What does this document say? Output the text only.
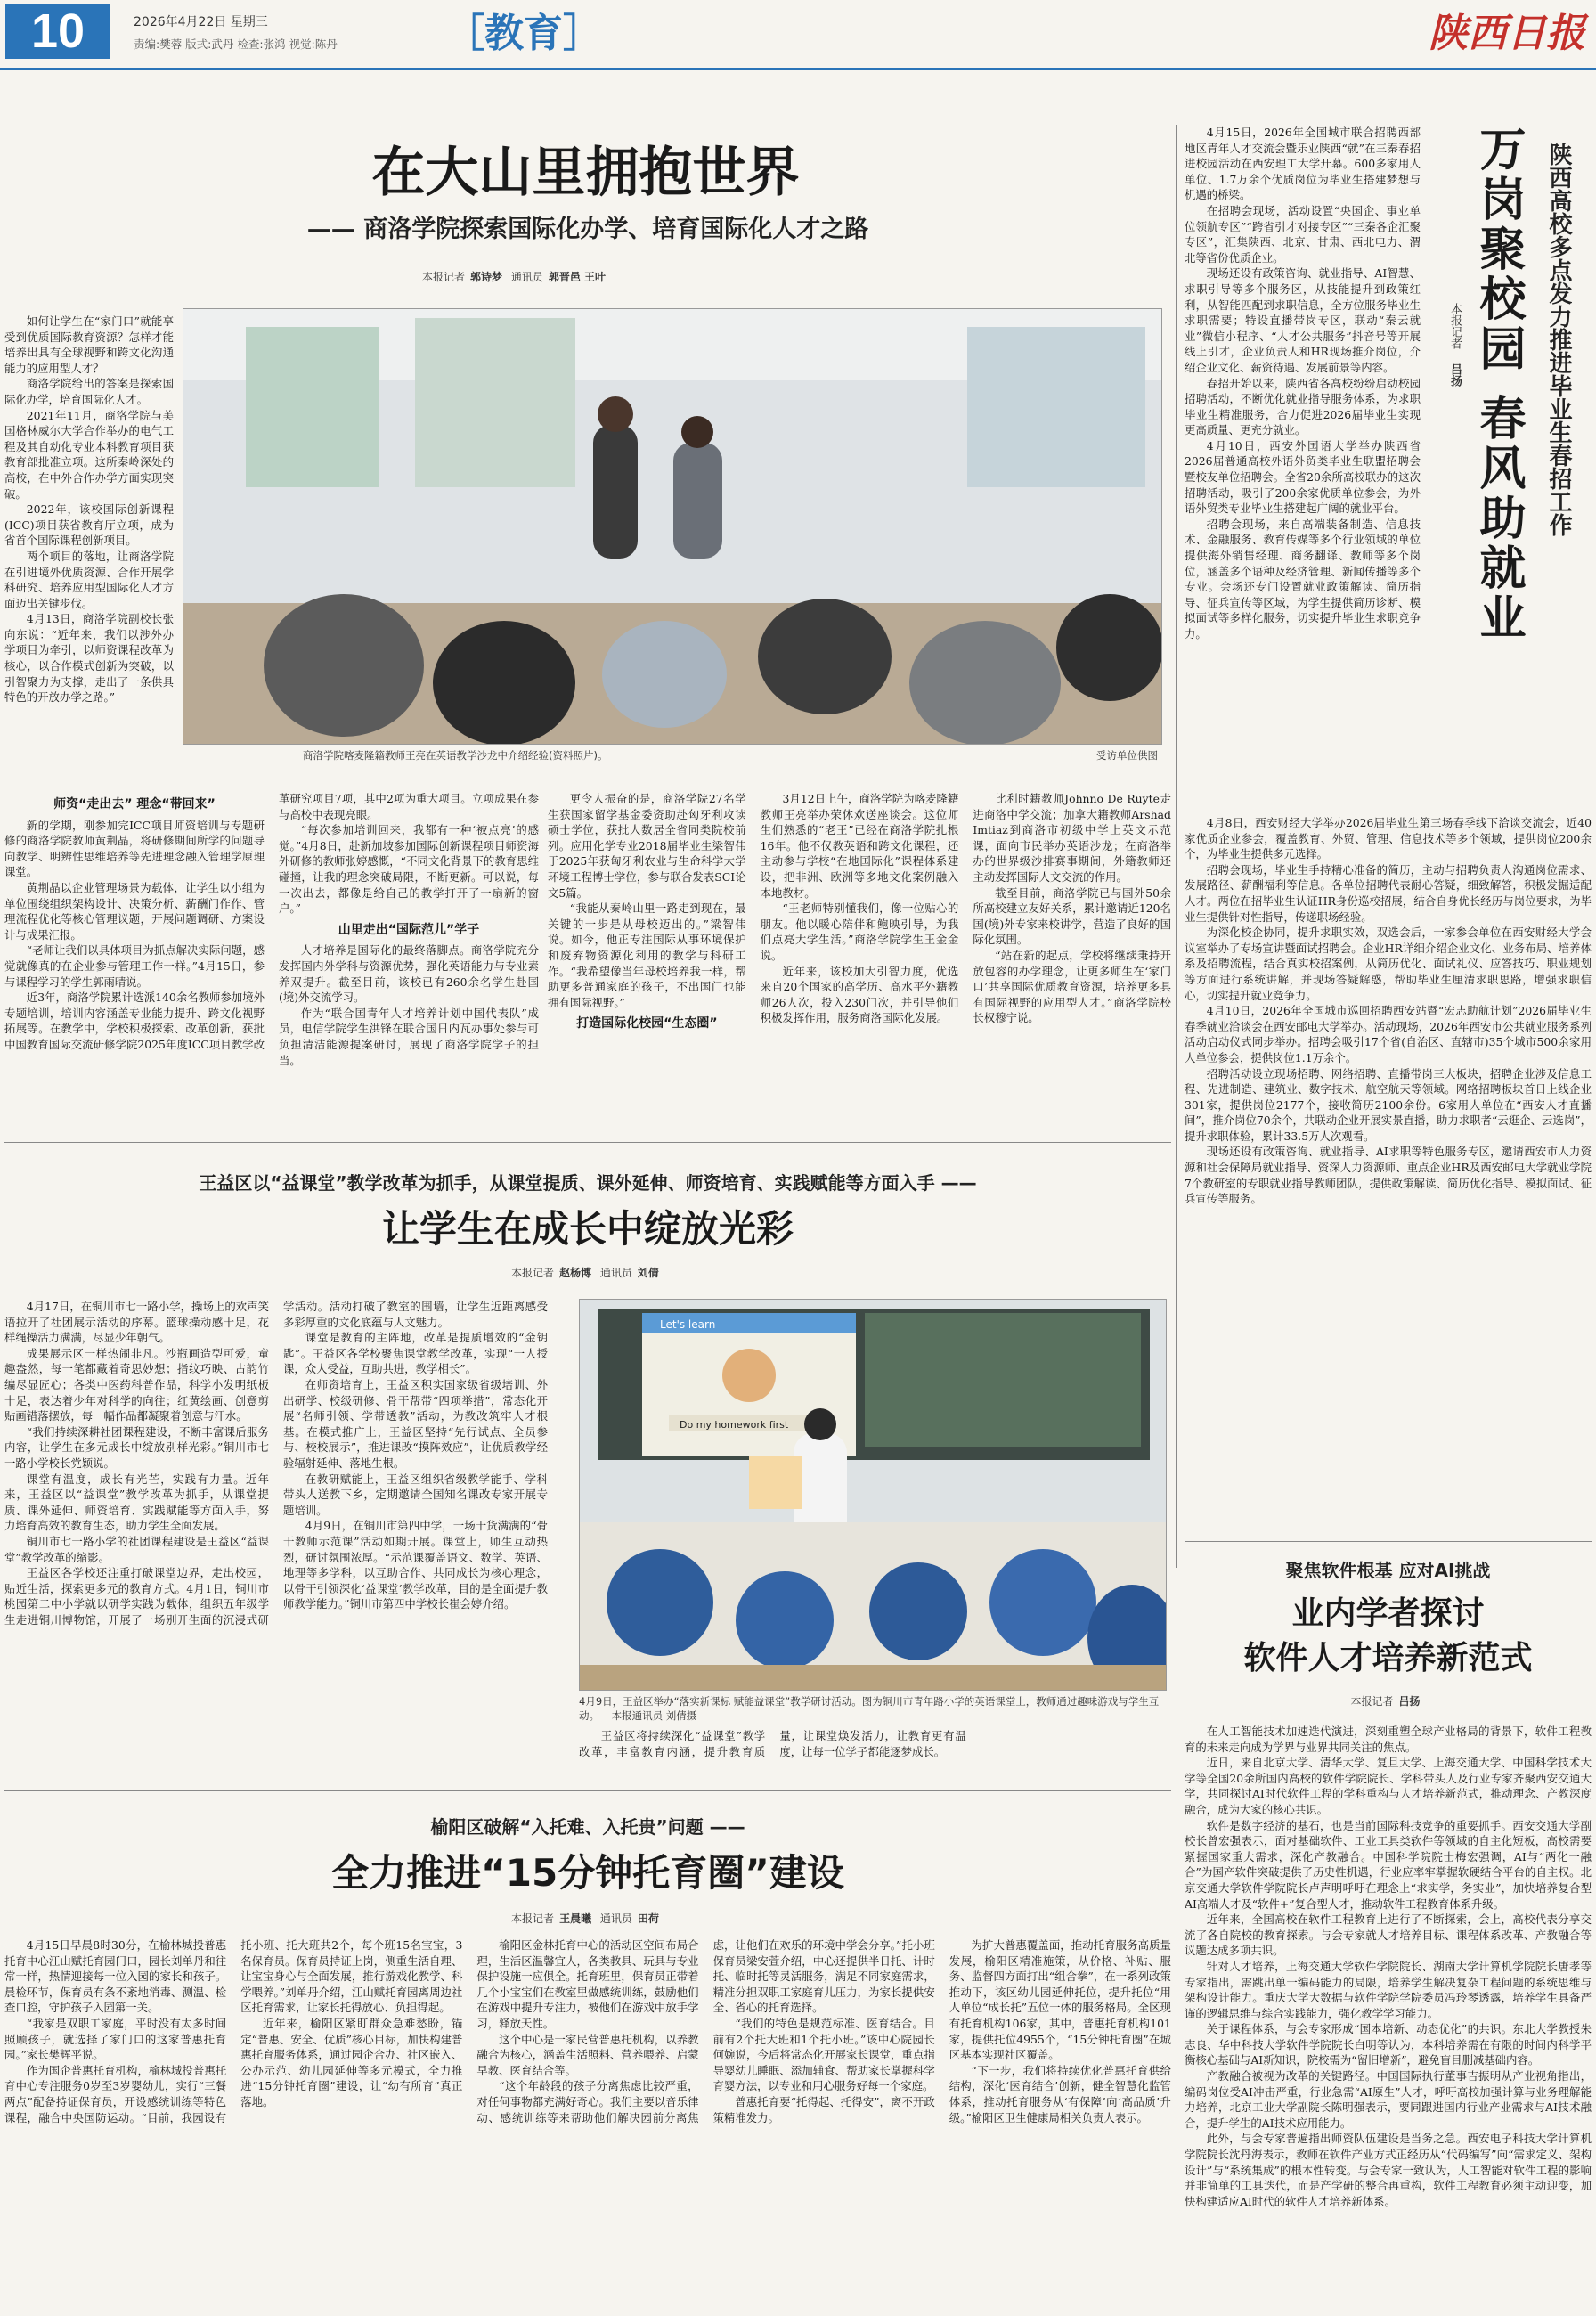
10	2026年4月22日 星期三
责编:樊蓉 版式:武丹 检查:张鸿 视觉:陈丹	［教育］	陕西日报
在大山里拥抱世界
—— 商洛学院探索国际化办学、培育国际化人才之路
本报记者 郭诗梦 通讯员 郭晋邑 王叶

如何让学生在“家门口”就能享受到优质国际教育资源？怎样才能培养出具有全球视野和跨文化沟通能力的应用型人才？

商洛学院给出的答案是探索国际化办学，培育国际化人才。

2021年11月，商洛学院与美国格林威尔大学合作举办的电气工程及其自动化专业本科教育项目获教育部批准立项。这所秦岭深处的高校，在中外合作办学方面实现突破。

2022年，该校国际创新课程(ICC)项目获省教育厅立项，成为省首个国际课程创新项目。

两个项目的落地，让商洛学院在引进境外优质资源、合作开展学科研究、培养应用型国际化人才方面迈出关键步伐。

4月13日，商洛学院副校长张向东说：“近年来，我们以涉外办学项目为牵引，以师资课程改革为核心，以合作模式创新为突破，以引智聚力为支撑，走出了一条供具特色的开放办学之路。”

商洛学院喀麦隆籍教师王亮在英语教学沙龙中介绍经验(资料照片)。	受访单位供图
师资“走出去” 理念“带回来”

新的学期，刚参加完ICC项目师资培训与专题研修的商洛学院教师黄荆晶，将研修期间所学的问题导向教学、明辨性思维培养等先进理念融入管理学原理课堂。

黄荆晶以企业管理场景为载体，让学生以小组为单位围绕组织架构设计、决策分析、薪酬门作作、管理流程优化等核心管理议题，开展问题调研、方案设计与成果汇报。

“老师让我们以具体项目为抓点解决实际问题，感觉就像真的在企业参与管理工作一样。”4月15日，参与课程学习的学生郭雨晴说。

近3年，商洛学院累计选派140余名教师参加境外专题培训，培训内容涵盖专业能力提升、跨文化视野拓展等。在教学中，学校积极探索、改革创新，获批中国教育国际交流研修学院2025年度ICC项目教学改革研究项目7项，其中2项为重大项目。立项成果在参与高校中表现亮眼。

“每次参加培训回来，我都有一种‘被点亮’的感觉。”4月8日，赴新加坡参加国际创新课程项目师资海外研修的教师张婷感慨，“不同文化背景下的教育思维碰撞，让我的理念突破局限，不断更新。可以说，每一次出去，都像是给自己的教学打开了一扇新的窗户。”

山里走出“国际范儿”学子

人才培养是国际化的最终落脚点。商洛学院充分发挥国内外学科与资源优势，强化英语能力与专业素养双提升。截至目前，该校已有260余名学生赴国(境)外交流学习。

作为“联合国青年人才培养计划中国代表队”成员，电信学院学生洪锋在联合国日内瓦办事处参与可负担清洁能源提案研讨，展现了商洛学院学子的担当。

更令人振奋的是，商洛学院27名学生获国家留学基金委资助赴匈牙利攻读硕士学位，获批人数居全省同类院校前列。应用化学专业2018届毕业生梁智伟于2025年获匈牙利农业与生命科学大学环境工程博士学位，参与联合发表SCI论文5篇。

“我能从秦岭山里一路走到现在，最关键的一步是从母校迈出的。”梁智伟说。如今，他正专注国际从事环境保护和废弃物资源化利用的教学与科研工作。“我希望像当年母校培养我一样，帮助更多普通家庭的孩子，不出国门也能拥有国际视野。”

打造国际化校园“生态圈”

3月12日上午，商洛学院为喀麦隆籍教师王亮举办荣休欢送座谈会。这位师生们熟悉的“老王”已经在商洛学院扎根16年。他不仅教英语和跨文化课程，还主动参与学校“在地国际化”课程体系建设，把非洲、欧洲等多地文化案例融入本地教材。

“王老师特别懂我们，像一位贴心的朋友。他以暖心陪伴和鲍映引导，为我们点亮大学生活。”商洛学院学生王金金说。

近年来，该校加大引智力度，优选来自20个国家的高学历、高水平外籍教师26人次，投入230门次，并引导他们积极发挥作用，服务商洛国际化发展。

比利时籍教师Johnno De Ruyte走进商洛中学交流；加拿大籍教师Arshad Imtiaz到商洛市初级中学上英文示范课，面向市民举办英语沙龙；在商洛举办的世界级沙排赛事期间，外籍教师还主动发挥国际人文交流的作用。

截至目前，商洛学院已与国外50余所高校建立友好关系，累计邀请近120名国(境)外专家来校讲学，营造了良好的国际化氛围。

“站在新的起点，学校将继续秉持开放包容的办学理念，让更多师生在‘家门口’共享国际优质教育资源，培养更多具有国际视野的应用型人才。”商洛学院校长权穆宁说。

4月15日，2026年全国城市联合招聘西部地区青年人才交流会暨乐业陕西“就”在三秦春招进校园活动在西安理工大学开幕。600多家用人单位、1.7万余个优质岗位为毕业生搭建梦想与机遇的桥梁。

在招聘会现场，活动设置“央国企、事业单位领航专区”“跨省引才对接专区”“三秦各企汇聚专区”，汇集陕西、北京、甘肃、西北电力、渭北等省份优质企业。

现场还设有政策咨询、就业指导、AI智慧、求职引导等多个服务区，从技能提升到政策红利，从智能匹配到求职信息，全方位服务毕业生求职需要；特设直播带岗专区，联动“秦云就业”微信小程序、“人才公共服务”抖音号等开展线上引才，企业负责人和HR现场推介岗位，介绍企业文化、薪资待遇、发展前景等内容。

春招开始以来，陕西省各高校纷纷启动校园招聘活动，不断优化就业指导服务体系，为求职毕业生精准服务，合力促进2026届毕业生实现更高质量、更充分就业。

4月10日，西安外国语大学举办陕西省2026届普通高校外语外贸类毕业生联盟招聘会暨校友单位招聘会。全省20余所高校联办的这次招聘活动，吸引了200余家优质单位参会，为外语外贸类专业毕业生搭建起广阔的就业平台。

招聘会现场，来自高端装备制造、信息技术、金融服务、教育传媒等多个行业领域的单位提供海外销售经理、商务翻译、教师等多个岗位，涵盖多个语种及经济管理、新闻传播等多个专业。会场还专门设置就业政策解读、简历指导、征兵宣传等区域，为学生提供简历诊断、模拟面试等多样化服务，切实提升毕业生求职竞争力。

本报记者 吕扬 万岗聚校园 春风助就业 陕西高校多点发力推进毕业生春招工作

4月8日，西安财经大学举办2026届毕业生第三场春季线下洽谈交流会，近40家优质企业参会，覆盖教育、外贸、管理、信息技术等多个领域，提供岗位200余个，为毕业生提供多元选择。

招聘会现场，毕业生手持精心准备的简历，主动与招聘负责人沟通岗位需求、发展路径、薪酬福利等信息。各单位招聘代表耐心答疑，细致解答，积极发掘适配人才。两位在招毕业生认证HR身份巡校招展，结合自身优长经历与岗位要求，为毕业生提供针对性指导，传递职场经验。

为深化校企协同，提升求职实效，双选会后，一家参会单位在西安财经大学会议室举办了专场宣讲暨面试招聘会。企业HR详细介绍企业文化、业务布局、培养体系及招聘流程，结合真实校招案例，从简历优化、面试礼仪、应答技巧、职业规划等方面进行系统讲解，并现场答疑解惑，帮助毕业生厘清求职思路，增强求职信心，切实提升就业竞争力。

4月10日，2026年全国城市巡回招聘西安站暨“宏志助航计划”2026届毕业生春季就业洽谈会在西安邮电大学举办。活动现场，2026年西安市公共就业服务系列活动启动仪式同步举办。招聘会吸引17个省(自治区、直辖市)35个城市500余家用人单位参会，提供岗位1.1万余个。

招聘活动设立现场招聘、网络招聘、直播带岗三大板块，招聘企业涉及信息工程、先进制造、建筑业、数字技术、航空航天等领域。网络招聘板块首日上线企业301家，提供岗位2177个，接收简历2100余份。6家用人单位在“西安人才直播间”，推介岗位70余个，共联动企业开展实景直播，助力求职者“云逛企、云选岗”，提升求职体验，累计33.5万人次观看。

现场还设有政策咨询、就业指导、AI求职等特色服务专区，邀请西安市人力资源和社会保障局就业指导、资深人力资源师、重点企业HR及西安邮电大学就业学院7个教研室的专职就业指导教师团队，提供政策解读、简历优化指导、模拟面试、征兵宣传等服务。

王益区以“益课堂”教学改革为抓手，从课堂提质、课外延伸、师资培育、实践赋能等方面入手 ——
让学生在成长中绽放光彩
本报记者 赵杨博 通讯员 刘倩

4月17日，在铜川市七一路小学，操场上的欢声笑语拉开了社团展示活动的序幕。篮球操动感十足，花样绳操活力满满，尽显少年朝气。

成果展示区一样热闹非凡。沙瓶画造型可爱，童趣盎然，每一笔都藏着奇思妙想；指纹巧映、古韵竹编尽显匠心；各类中医药科普作品，科学小发明纸板十足，表达着少年对科学的向往；红黄绘画、创意剪贴画错落摆放，每一幅作品都凝聚着创意与汗水。

“我们持续深耕社团课程建设，不断丰富课后服务内容，让学生在多元成长中绽放别样光彩。”铜川市七一路小学校长党颖说。

课堂有温度，成长有光芒，实践有力量。近年来，王益区以“益课堂”教学改革为抓手，从课堂提质、课外延伸、师资培育、实践赋能等方面入手，努力培育高效的教育生态，助力学生全面发展。

铜川市七一路小学的社团课程建设是王益区“益课堂”教学改革的缩影。

王益区各学校还注重打破课堂边界，走出校园，贴近生活，探索更多元的教育方式。4月1日，铜川市桃园第二中小学就以研学实践为载体，组织五年级学生走进铜川博物馆，开展了一场别开生面的沉浸式研学活动。活动打破了教室的围墙，让学生近距离感受多彩厚重的文化底蕴与人文魅力。

课堂是教育的主阵地，改革是提质增效的“金钥匙”。王益区各学校聚焦课堂教学改革，实现“一人授课，众人受益，互助共进，教学相长”。

在师资培育上，王益区积实国家级省级培训、外出研学、校级研修、骨干帮带“四项举措”，常态化开展“名师引领、学带透教”活动，为教改筑牢人才根基。在模式推广上，王益区坚持“先行试点、全员参与、校校展示”，推进课改“摸阵效应”，让优质教学经验辐射延伸、落地生根。

在教研赋能上，王益区组织省级教学能手、学科带头人送教下乡，定期邀请全国知名课改专家开展专题培训。

4月9日，在铜川市第四中学，一场干货满满的“骨干教师示范课”活动如期开展。课堂上，师生互动热烈，研讨氛围浓厚。“示范课覆盖语文、数学、英语、地理等多学科，以互助合作、共同成长为核心理念，以骨干引领深化‘益课堂’教学改革，目的是全面提升教师教学能力。”铜川市第四中学校长崔会婷介绍。

Let's learn
Do my homework first
4月9日，王益区举办“落实新课标 赋能益课堂”教学研讨活动。图为铜川市青年路小学的英语课堂上，教师通过趣味游戏与学生互动。 本报通讯员 刘倩摄

王益区将持续深化“益课堂”教学改革，丰富教育内涵，提升教育质量，让课堂焕发活力，让教育更有温度，让每一位学子都能逐梦成长。

榆阳区破解“入托难、入托贵”问题 ——
全力推进“15分钟托育圈”建设
本报记者 王晨曦 通讯员 田荷

4月15日早晨8时30分，在榆林城投普惠托育中心江山赋托育园门口，园长刘单丹和往常一样，热情迎接每一位入园的家长和孩子。晨检环节，保育员有条不紊地消毒、测温、检查口腔，守护孩子入园第一关。

“我家是双职工家庭，平时没有太多时间照顾孩子，就选择了家门口的这家普惠托育园。”家长樊辉平说。

作为国企普惠托育机构，榆林城投普惠托育中心专注服务0岁至3岁婴幼儿，实行“三餐两点”配备持证保育员，开设感统训练等特色课程，融合中央国防运动。“目前，我园设有托小班、托大班共2个，每个班15名宝宝，3名保育员。保育员持证上岗，侧重生活自理、让宝宝身心与全面发展，推行游戏化教学、科学喂养。”刘单丹介绍，江山赋托育园离周边社区托育需求，让家长托得放心、负担得起。

近年来，榆阳区紧盯群众急难愁盼，锚定“普惠、安全、优质”核心目标，加快构建普惠托育服务体系，通过园企合办、社区嵌入、公办示范、幼儿园延伸等多元模式，全力推进“15分钟托育圈”建设，让“幼有所育”真正落地。

榆阳区金林托育中心的活动区空间布局合理，生活区温馨宜人，各类教具、玩具与专业保护设施一应俱全。托育班里，保育员正带着几个小宝宝们在教室里做感统训练，鼓励他们在游戏中提升专注力，被他们在游戏中放手学习，释放天性。

这个中心是一家民营普惠托机构，以养教融合为核心，涵盖生活照料、营养喂养、启蒙早教、医育结合等。

“这个年龄段的孩子分离焦虑比较严重，对任何事物都充满好奇心。我们主要以音乐律动、感统训练等来帮助他们解决园前分离焦虑，让他们在欢乐的环境中学会分享。”托小班保育员梁安萱介绍，中心还提供半日托、计时托、临时托等灵活服务，满足不同家庭需求，精准分担双职工家庭育儿压力，为家长提供安全、省心的托育选择。

“我们的特色是规范标准、医育结合。目前有2个托大班和1个托小班。”该中心院园长何婉说，今后将常态化开展家长课堂，重点指导婴幼儿睡眠、添加辅食、帮助家长掌握科学育婴方法，以专业和用心服务好每一个家庭。

普惠托育要“托得起、托得安”，离不开政策精准发力。

为扩大普惠覆盖面，推动托育服务高质量发展，榆阳区精准施策，从价格、补贴、服务、监督四方面打出“组合拳”，在一系列政策推动下，该区幼儿园延伸托位，提升托位“用人单位“成长托”五位一体的服务格局。全区现有托育机构106家，其中，普惠托育机构101家，提供托位4955个，“15分钟托育圈”在城区基本实现社区覆盖。

“下一步，我们将持续优化普惠托育供给结构，深化‘医育结合’创新，健全智慧化监管体系，推动托育服务从‘有保障’向‘高品质’升级。”榆阳区卫生健康局相关负责人表示。

聚焦软件根基 应对AI挑战
业内学者探讨
软件人才培养新范式
本报记者 吕扬

在人工智能技术加速迭代演进，深刻重塑全球产业格局的背景下，软件工程教育的未来走向成为学界与业界共同关注的焦点。

近日，来自北京大学、清华大学、复旦大学、上海交通大学、中国科学技术大学等全国20余所国内高校的软件学院院长、学科带头人及行业专家齐聚西安交通大学，共同探讨AI时代软件工程的学科重构与人才培养新范式，推动理念、产教深度融合，成为大家的核心共识。

软件是数字经济的基石，也是当前国际科技竞争的重要抓手。西安交通大学副校长曾宏强表示，面对基础软件、工业工具类软件等领域的自主化短板，高校需要紧握国家重大需求，深化产教融合。中国科学院院士梅宏强调，AI与“两化一融合”为国产软件突破提供了历史性机遇，行业应率牢掌握软硬结合平台的自主权。北京交通大学软件学院院长卢声明呼吁在理念上“求实学，务实业”，加快培养复合型AI高端人才及“软件+”复合型人才，推动软件工程教育体系升级。

近年来，全国高校在软件工程教育上进行了不断探索，会上，高校代表分享交流了各自院校的教育探索。与会专家就人才培养目标、课程体系改革、产教融合等议题达成多项共识。

针对人才培养，上海交通大学软件学院院长、湖南大学计算机学院院长唐孝等专家指出，需跳出单一编码能力的局限，培养学生解决复杂工程问题的系统思维与架构设计能力。重庆大学大数据与软件学院学院委员冯玲琴透露，培养学生具备严谨的逻辑思维与综合实践能力，强化教学学习能力。

关于课程体系，与会专家形成“国本培新、动态优化”的共识。东北大学教授朱志良、华中科技大学软件学院院长白明等认为，本科培养需在有限的时间内科学平衡核心基础与AI新知识，院校需为“留旧增新”，避免盲目删减基础内容。

产教融合被视为改革的关键路径。中国国际执行董事吉振明从产业视角指出，编码岗位受AI冲击严重，行业急需“AI原生”人才，呼吁高校加强计算与业务理解能力培养，北京工业大学副院长陈明强表示，要同跟进国内行业产业需求与AI技术融合，提升学生的AI技术应用能力。

此外，与会专家普遍指出师资队伍建设是当务之急。西安电子科技大学计算机学院院长沈丹海表示，教师在软件产业方式正经历从“代码编写”向“需求定义、架构设计”与“系统集成”的根本性转变。与会专家一致认为，人工智能对软件工程的影响并非简单的工具迭代，而是产学研的整合再重构，软件工程教育必须主动迎变，加快构建适应AI时代的软件人才培养新体系。
